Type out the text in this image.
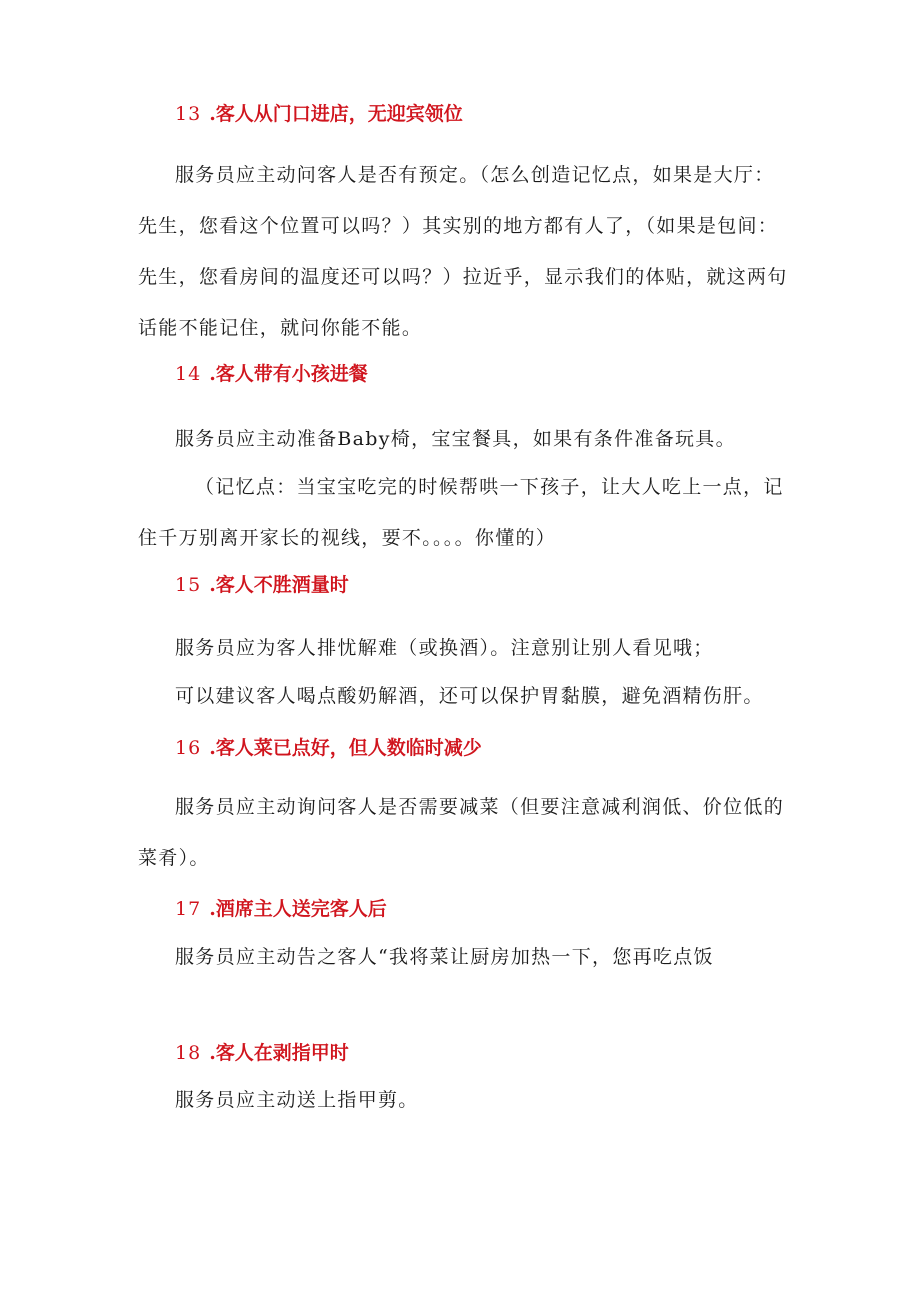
13 .客人从门口进店，无迎宾领位

服务员应主动问客人是否有预定。（怎么创造记忆点，如果是大厅：先生，您看这个位置可以吗？）其实别的地方都有人了，（如果是包间：先生，您看房间的温度还可以吗？）拉近乎，显示我们的体贴，就这两句话能不能记住，就问你能不能。

14 .客人带有小孩进餐
服务员应主动准备Baby椅，宝宝餐具，如果有条件准备玩具。

（记忆点：当宝宝吃完的时候帮哄一下孩子，让大人吃上一点，记住千万别离开家长的视线，要不。。。。你懂的）

15 .客人不胜酒量时
服务员应为客人排忧解难（或换酒）。注意别让别人看见哦；
可以建议客人喝点酸奶解酒，还可以保护胃黏膜，避免酒精伤肝。
16 .客人菜已点好，但人数临时减少

服务员应主动询问客人是否需要减菜（但要注意减利润低、价位低的菜肴）。

17 .酒席主人送完客人后
服务员应主动告之客人“我将菜让厨房加热一下，您再吃点饭
18 .客人在剥指甲时
服务员应主动送上指甲剪。
